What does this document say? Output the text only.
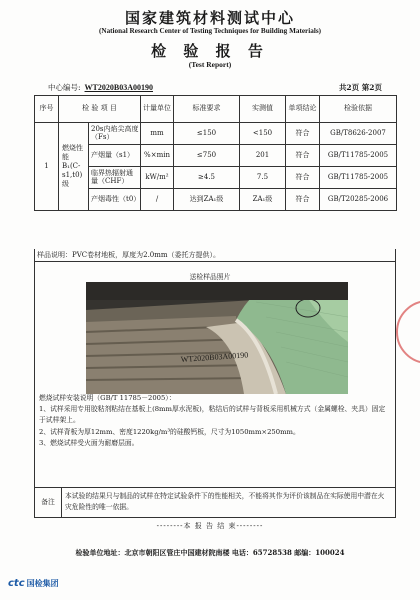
国家建筑材料测试中心
(National Research Center of Testing Techniques for Building Materials)
检 验 报 告
(Test Report)
中心编号: WT2020B03A00190	共2页 第2页
序号	检 验 项 目		计量单位	标准要求	实测值	单项结论	检验依据
1	燃烧性能B₁(C-s1,t0)级	20s内焰尖高度（Fs）	mm	≤150	<150	符合	GB/T8626-2007
		产烟量（s1）	%×min	≤750	201	符合	GB/T11785-2005
		临界热辐射通量（CHF）	kW/m²	≥4.5	7.5	符合	GB/T11785-2005
		产烟毒性（t0）	/	达到ZA₁级	ZA₁级	符合	GB/T20285-2006
样品说明：PVC卷材地板，厚度为2.0mm（委托方提供）。
送检样品照片
WT2020B03A00190
燃烧试样安装说明（GB/T 11785－2005）：
1、试样采用专用胶粘剂粘结在基板上(8mm厚水泥板)，粘结后的试样与背板采用机械方式（金属螺栓、夹具）固定于试样架上。
2、试样背板为厚12mm、密度1220kg/m³的硅酸钙板，尺寸为1050mm×250mm。
3、燃烧试样受火面为耐磨层面。
备注
本试验的结果只与制品的试样在特定试验条件下的性能相关，不能将其作为评价该制品在实际使用中潜在火灾危险性的唯一依据。
--------本 报 告 结 束--------
检验单位地址：北京市朝阳区管庄中国建材院南楼 电话：65728538 邮编：100024
ctc 国检集团
